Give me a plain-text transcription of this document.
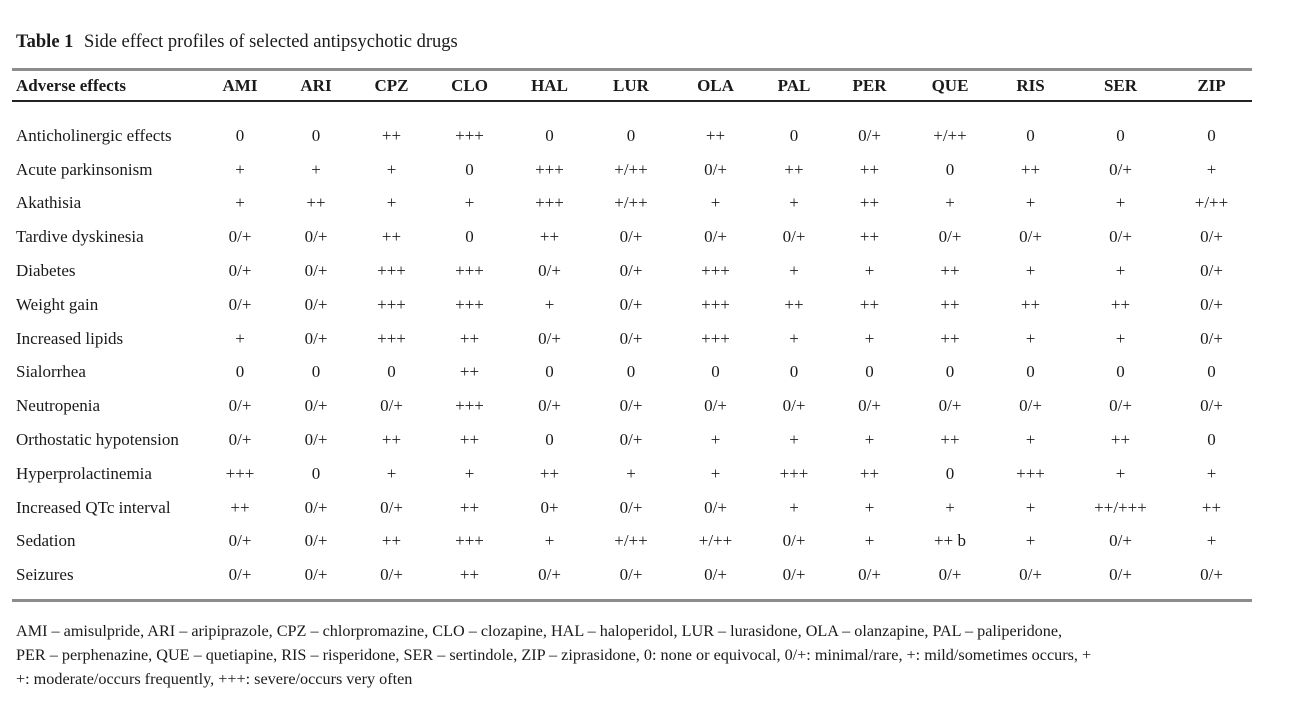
Table 1 Side effect profiles of selected antipsychotic drugs
Adverse effects	AMI	ARI	CPZ	CLO	HAL	LUR	OLA	PAL	PER	QUE	RIS	SER	ZIP

Anticholinergic effects	0	0	++	+++	0	0	++	0	0/+	+/++	0	0	0
Acute parkinsonism	+	+	+	0	+++	+/++	0/+	++	++	0	++	0/+	+
Akathisia	+	++	+	+	+++	+/++	+	+	++	+	+	+	+/++
Tardive dyskinesia	0/+	0/+	++	0	++	0/+	0/+	0/+	++	0/+	0/+	0/+	0/+
Diabetes	0/+	0/+	+++	+++	0/+	0/+	+++	+	+	++	+	+	0/+
Weight gain	0/+	0/+	+++	+++	+	0/+	+++	++	++	++	++	++	0/+
Increased lipids	+	0/+	+++	++	0/+	0/+	+++	+	+	++	+	+	0/+
Sialorrhea	0	0	0	++	0	0	0	0	0	0	0	0	0
Neutropenia	0/+	0/+	0/+	+++	0/+	0/+	0/+	0/+	0/+	0/+	0/+	0/+	0/+
Orthostatic hypotension	0/+	0/+	++	++	0	0/+	+	+	+	++	+	++	0
Hyperprolactinemia	+++	0	+	+	++	+	+	+++	++	0	+++	+	+
Increased QTc interval	++	0/+	0/+	++	0+	0/+	0/+	+	+	+	+	++/+++	++
Sedation	0/+	0/+	++	+++	+	+/++	+/++	0/+	+	++ b	+	0/+	+
Seizures	0/+	0/+	0/+	++	0/+	0/+	0/+	0/+	0/+	0/+	0/+	0/+	0/+
AMI – amisulpride, ARI – aripiprazole, CPZ – chlorpromazine, CLO – clozapine, HAL – haloperidol, LUR – lurasidone, OLA – olanzapine, PAL – paliperidone,
PER – perphenazine, QUE – quetiapine, RIS – risperidone, SER – sertindole, ZIP – ziprasidone, 0: none or equivocal, 0/+: minimal/rare, +: mild/sometimes occurs, +
+: moderate/occurs frequently, +++: severe/occurs very often
